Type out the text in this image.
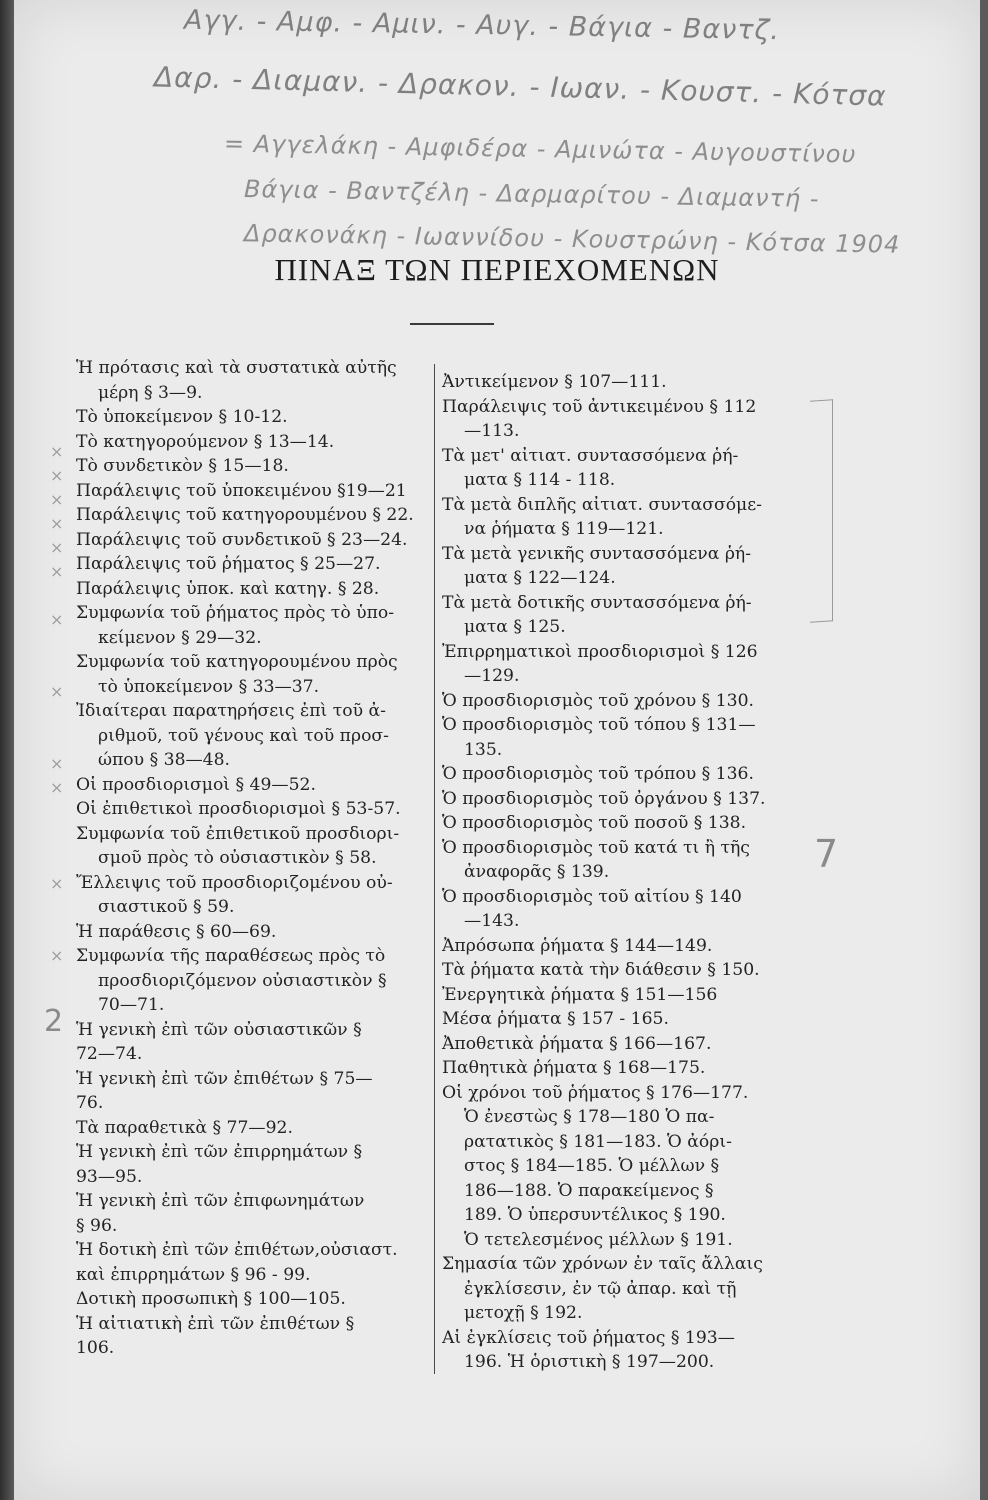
Αγγ. - Αμφ. - Αμιν. - Αυγ. - Βάγια - Βαντζ.
Δαρ. - Διαμαν. - Δρακον. - Ιωαν. - Κουστ. - Κότσα
= Αγγελάκη - Αμφιδέρα - Αμινώτα - Αυγουστίνου
Βάγια - Βαντζέλη - Δαρμαρίτου - Διαμαντή -
Δρακονάκη - Ιωαννίδου - Κουστρώνη - Κότσα 1904
ΠΙΝΑΞ ΤΩΝ ΠΕΡΙΕΧΟΜΕΝΩΝ
×
×
×
×
×
×

×

×

×
×

×

×
Ἡ πρότασις καὶ τὰ συστατικὰ αὐτῆς
μέρη § 3—9.
Τὸ ὑποκείμενον § 10-12.
Τὸ κατηγορούμενον § 13—14.
Τὸ συνδετικὸν § 15—18.
Παράλειψις τοῦ ὑποκειμένου §19—21
Παράλειψις τοῦ κατηγορουμένου § 22.
Παράλειψις τοῦ συνδετικοῦ § 23—24.
Παράλειψις τοῦ ῥήματος § 25—27.
Παράλειψις ὑποκ. καὶ κατηγ. § 28.
Συμφωνία τοῦ ῥήματος πρὸς τὸ ὑπο-
κείμενον § 29—32.
Συμφωνία τοῦ κατηγορουμένου πρὸς
τὸ ὑποκείμενον § 33—37.
Ἰδιαίτεραι παρατηρήσεις ἐπὶ τοῦ ἀ-
ριθμοῦ, τοῦ γένους καὶ τοῦ προσ-
ώπου § 38—48.
Οἱ προσδιορισμοὶ § 49—52.
Οἱ ἐπιθετικοὶ προσδιορισμοὶ § 53-57.
Συμφωνία τοῦ ἐπιθετικοῦ προσδιορι-
σμοῦ πρὸς τὸ οὐσιαστικὸν § 58.
Ἔλλειψις τοῦ προσδιοριζομένου οὐ-
σιαστικοῦ § 59.
Ἡ παράθεσις § 60—69.
Συμφωνία τῆς παραθέσεως πρὸς τὸ
προσδιοριζόμενον οὐσιαστικὸν §
70—71.
Ἡ γενικὴ ἐπὶ τῶν οὐσιαστικῶν §
72—74.
Ἡ γενικὴ ἐπὶ τῶν ἐπιθέτων § 75—
76.
Τὰ παραθετικὰ § 77—92.
Ἡ γενικὴ ἐπὶ τῶν ἐπιρρημάτων §
93—95.
Ἡ γενικὴ ἐπὶ τῶν ἐπιφωνημάτων
§ 96.
Ἡ δοτικὴ ἐπὶ τῶν ἐπιθέτων,οὐσιαστ.
καὶ ἐπιρρημάτων § 96 - 99.
Δοτικὴ προσωπικὴ § 100—105.
Ἡ αἰτιατικὴ ἐπὶ τῶν ἐπιθέτων §
106.
Ἀντικείμενον § 107—111.
Παράλειψις τοῦ ἀντικειμένου § 112
—113.
Τὰ μετ' αἰτιατ. συντασσόμενα ῥή-
ματα § 114 - 118.
Τὰ μετὰ διπλῆς αἰτιατ. συντασσόμε-
να ῥήματα § 119—121.
Τὰ μετὰ γενικῆς συντασσόμενα ῥή-
ματα § 122—124.
Τὰ μετὰ δοτικῆς συντασσόμενα ῥή-
ματα § 125.
Ἐπιρρηματικοὶ προσδιορισμοὶ § 126
—129.
Ὁ προσδιορισμὸς τοῦ χρόνου § 130.
Ὁ προσδιορισμὸς τοῦ τόπου § 131—
135.
Ὁ προσδιορισμὸς τοῦ τρόπου § 136.
Ὁ προσδιορισμὸς τοῦ ὀργάνου § 137.
Ὁ προσδιορισμὸς τοῦ ποσοῦ § 138.
Ὁ προσδιορισμὸς τοῦ κατά τι ἢ τῆς
ἀναφορᾶς § 139.
Ὁ προσδιορισμὸς τοῦ αἰτίου § 140
—143.
Ἀπρόσωπα ῥήματα § 144—149.
Τὰ ῥήματα κατὰ τὴν διάθεσιν § 150.
Ἐνεργητικὰ ῥήματα § 151—156
Μέσα ῥήματα § 157 - 165.
Ἀποθετικὰ ῥήματα § 166—167.
Παθητικὰ ῥήματα § 168—175.
Οἱ χρόνοι τοῦ ῥήματος § 176—177.
Ὁ ἐνεστὼς § 178—180 Ὁ πα-
ρατατικὸς § 181—183. Ὁ ἀόρι-
στος § 184—185. Ὁ μέλλων §
186—188. Ὁ παρακείμενος §
189. Ὁ ὑπερσυντέλικος § 190.
Ὁ τετελεσμένος μέλλων § 191.
Σημασία τῶν χρόνων ἐν ταῖς ἄλλαις
ἐγκλίσεσιν, ἐν τῷ ἀπαρ. καὶ τῇ
μετοχῇ § 192.
Αἱ ἐγκλίσεις τοῦ ῥήματος § 193—
196. Ἡ ὁριστικὴ § 197—200.
7
2
